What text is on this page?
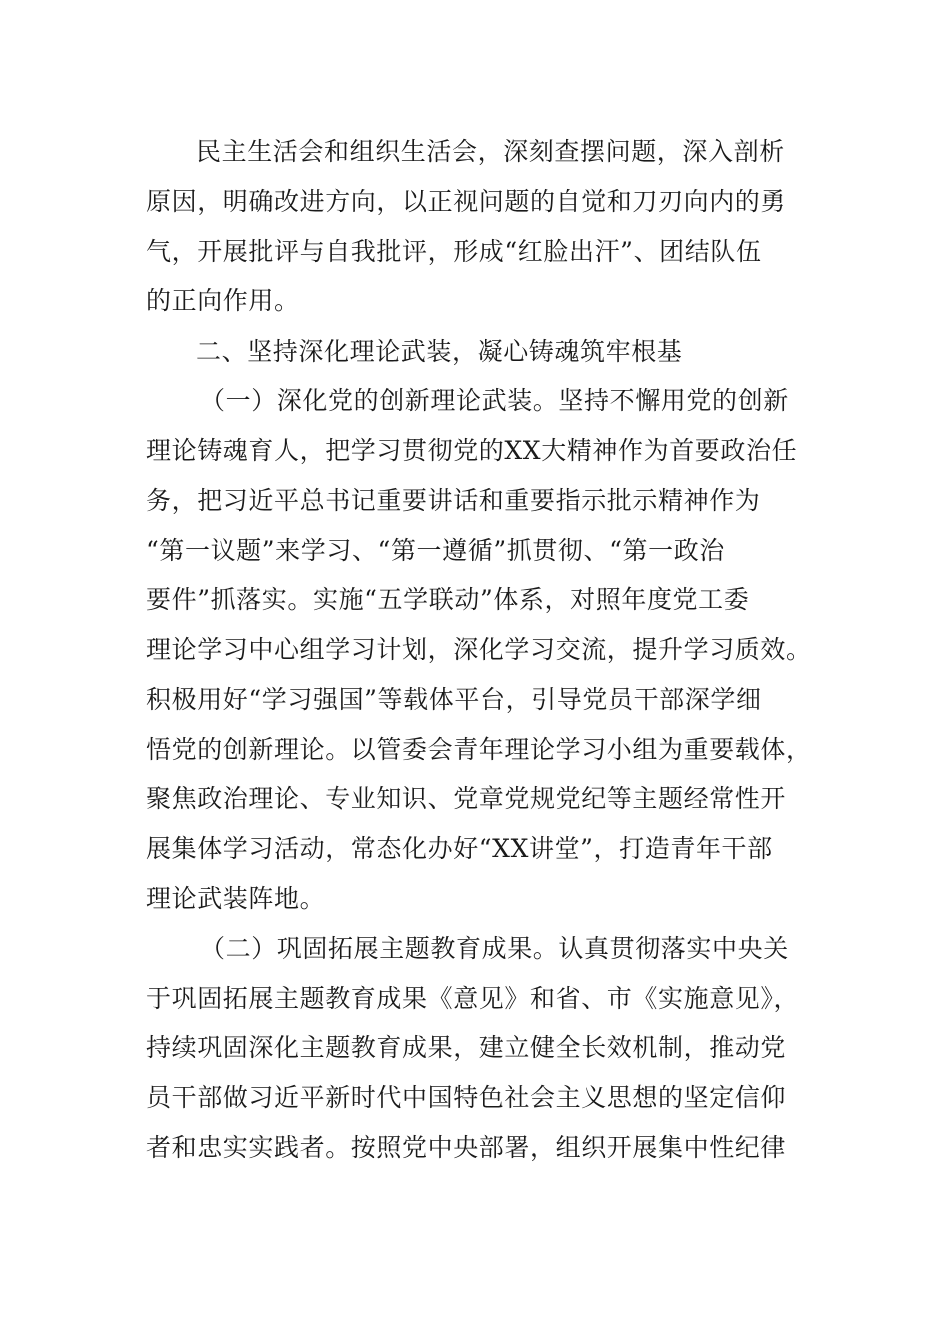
民主生活会和组织生活会，深刻查摆问题，深入剖析
原因，明确改进方向，以正视问题的自觉和刀刃向内的勇
气，开展批评与自我批评，形成“红脸出汗”、团结队伍
的正向作用。
二、坚持深化理论武装，凝心铸魂筑牢根基
（一）深化党的创新理论武装。坚持不懈用党的创新
理论铸魂育人，把学习贯彻党的XX大精神作为首要政治任
务，把习近平总书记重要讲话和重要指示批示精神作为
“第一议题”来学习、“第一遵循”抓贯彻、“第一政治
要件”抓落实。实施“五学联动”体系，对照年度党工委
理论学习中心组学习计划，深化学习交流，提升学习质效。
积极用好“学习强国”等载体平台，引导党员干部深学细
悟党的创新理论。以管委会青年理论学习小组为重要载体，
聚焦政治理论、专业知识、党章党规党纪等主题经常性开
展集体学习活动，常态化办好“XX讲堂”，打造青年干部
理论武装阵地。
（二）巩固拓展主题教育成果。认真贯彻落实中央关
于巩固拓展主题教育成果《意见》和省、市《实施意见》，
持续巩固深化主题教育成果，建立健全长效机制，推动党
员干部做习近平新时代中国特色社会主义思想的坚定信仰
者和忠实实践者。按照党中央部署，组织开展集中性纪律
